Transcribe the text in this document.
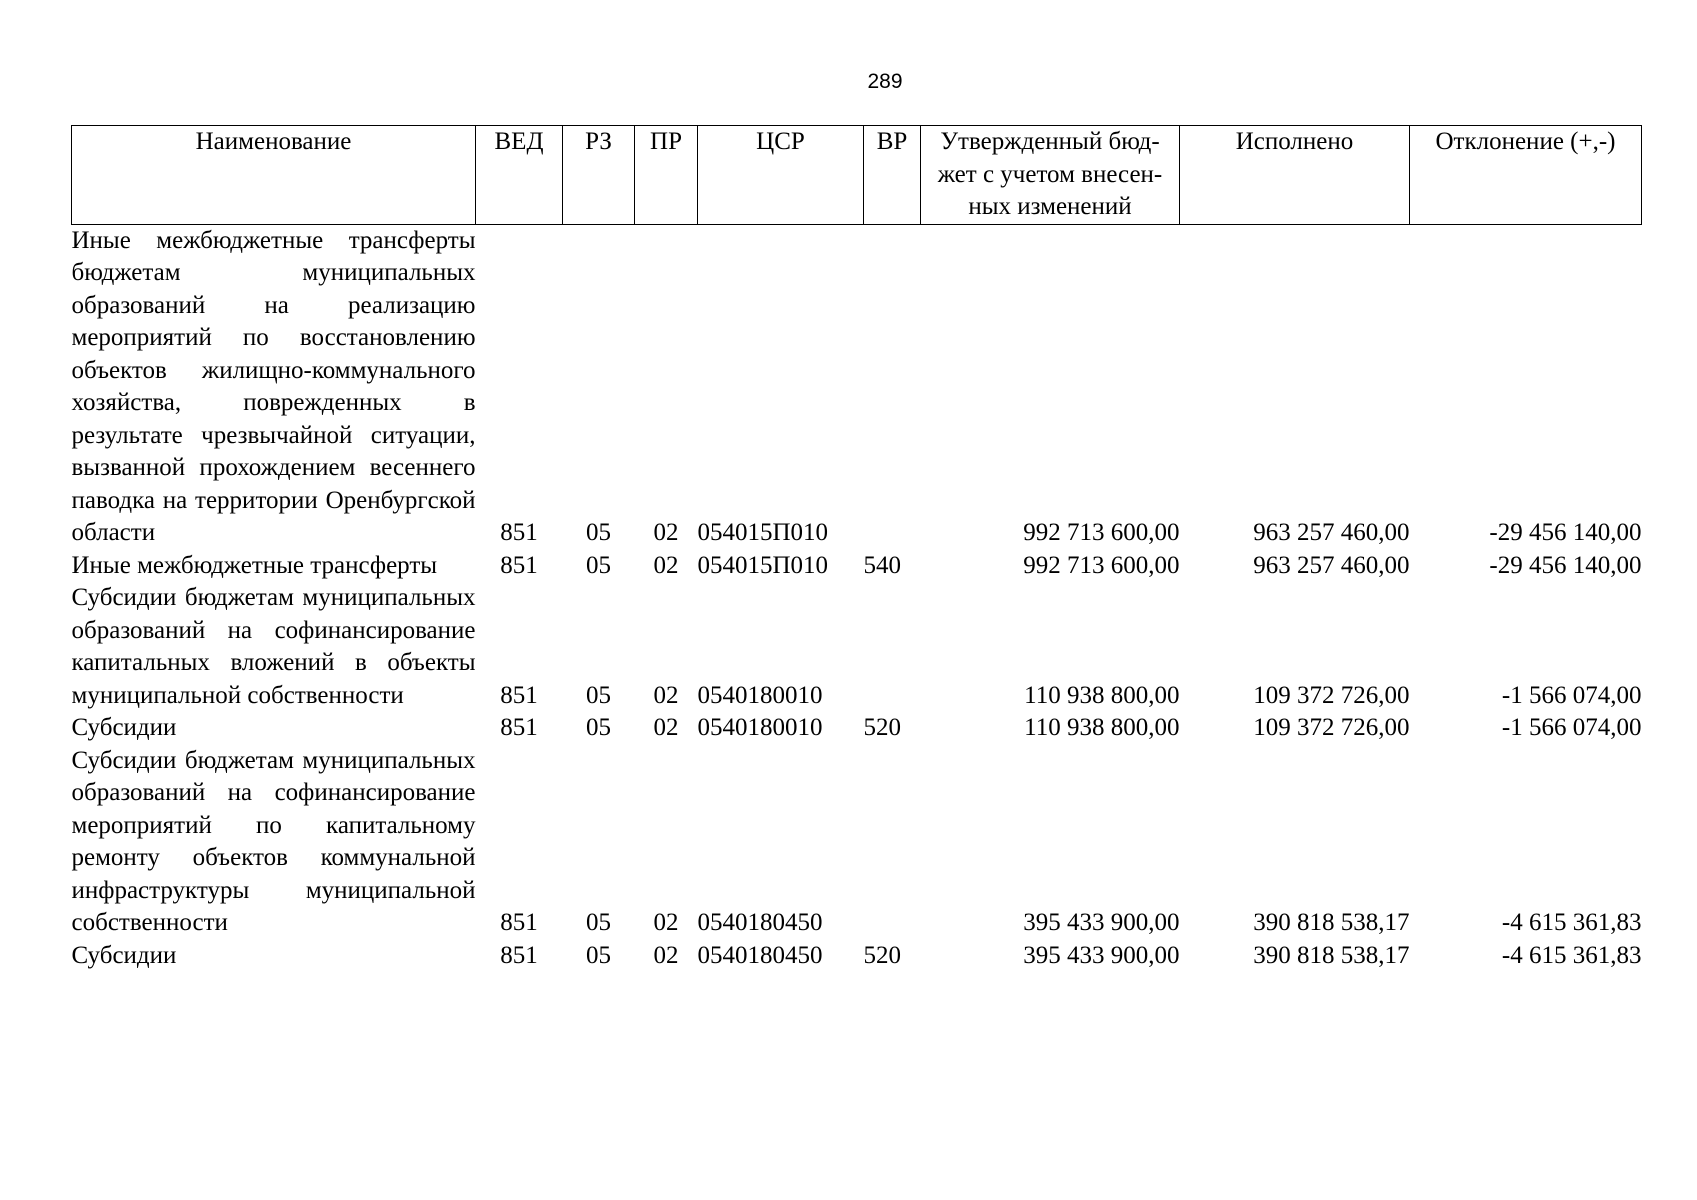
289
Наименование	ВЕД	РЗ	ПР	ЦСР	ВР	Утвержденный бюд-
жет с учетом внесен-
ных изменений	Исполнено	Отклонение (+,-)
Иные межбюджетные трансферты бюджетам муниципальных образований на реализацию мероприятий по восстановлению объектов жилищно-коммунального хозяйства, поврежденных в результате чрезвычайной ситуации, вызванной прохождением весеннего паводка на территории Оренбургской области	851	05	02	054015П010		992 713 600,00	963 257 460,00	-29 456 140,00
Иные межбюджетные трансферты	851	05	02	054015П010	540	992 713 600,00	963 257 460,00	-29 456 140,00
Субсидии бюджетам муниципальных образований на софинансирование капитальных вложений в объекты муниципальной собственности	851	05	02	0540180010		110 938 800,00	109 372 726,00	-1 566 074,00
Субсидии	851	05	02	0540180010	520	110 938 800,00	109 372 726,00	-1 566 074,00
Субсидии бюджетам муниципальных образований на софинансирование мероприятий по капитальному ремонту объектов коммунальной инфраструктуры муниципальной собственности	851	05	02	0540180450		395 433 900,00	390 818 538,17	-4 615 361,83
Субсидии	851	05	02	0540180450	520	395 433 900,00	390 818 538,17	-4 615 361,83
